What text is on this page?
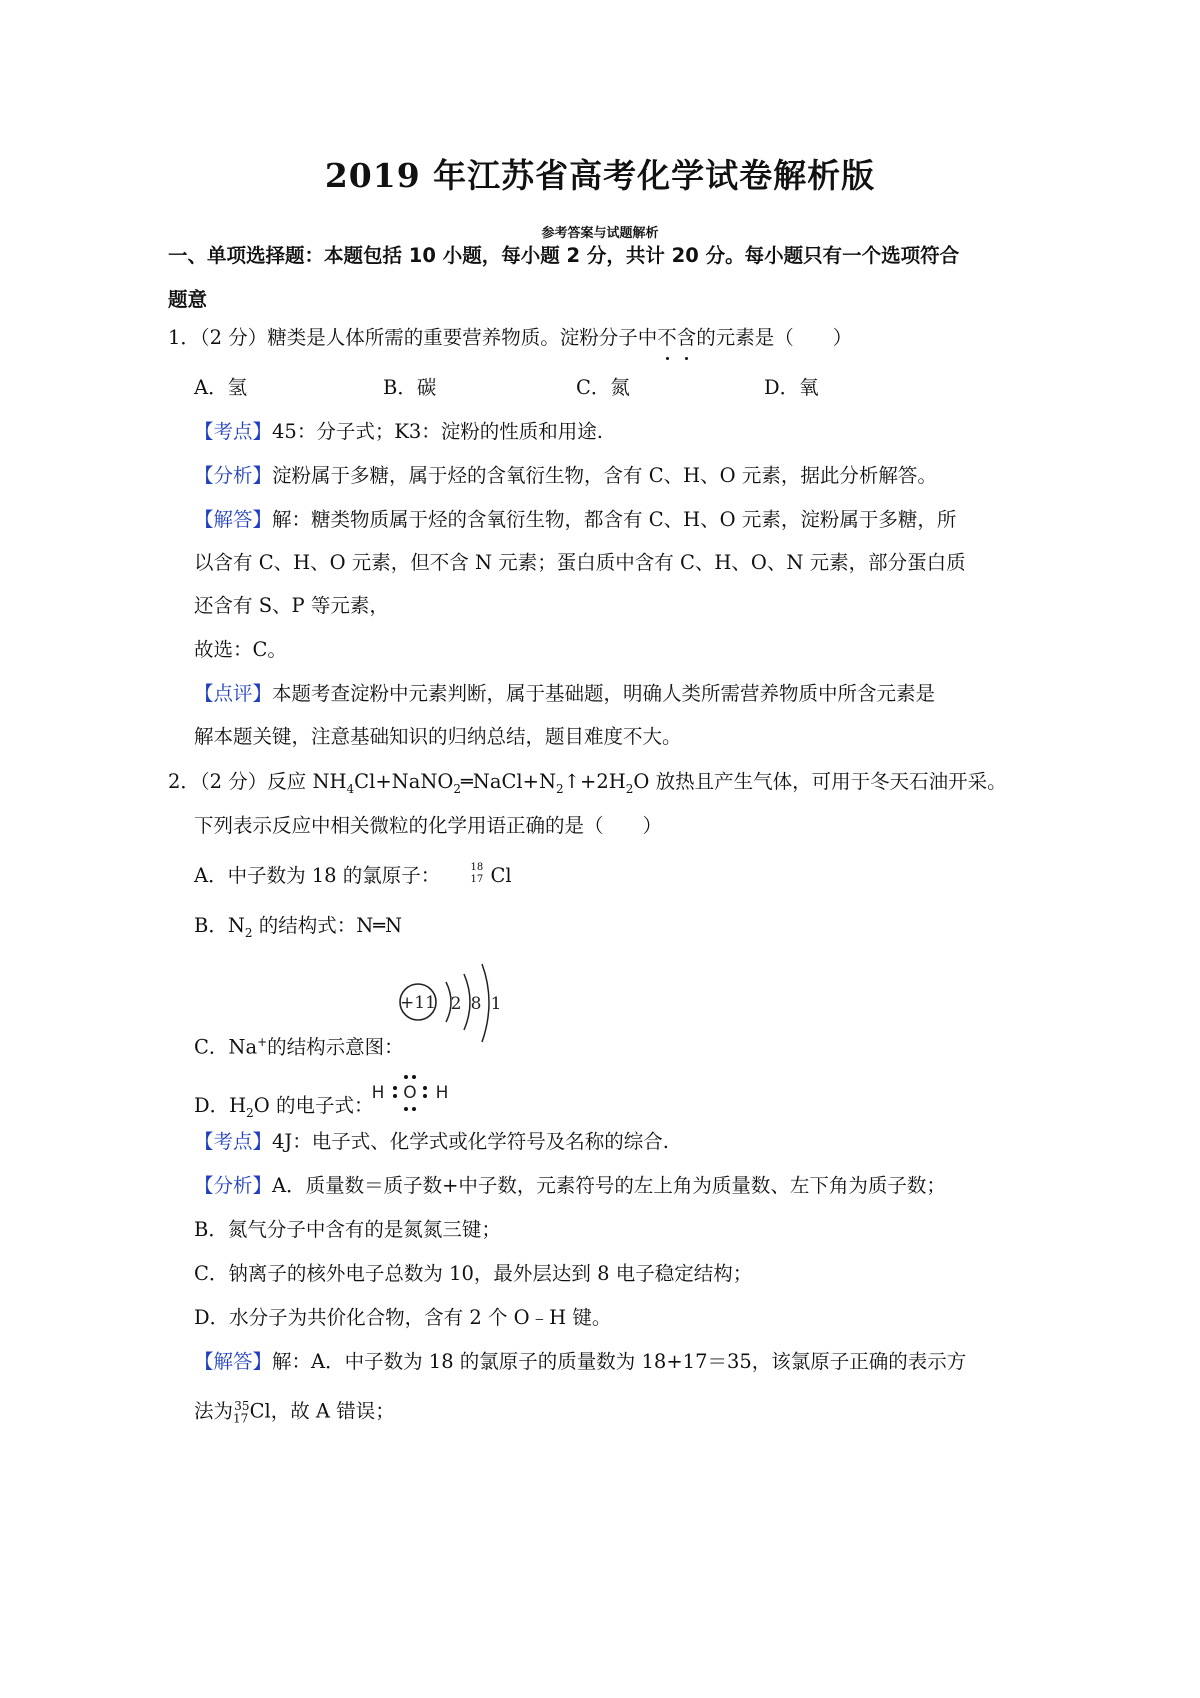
2019 年江苏省高考化学试卷解析版
参考答案与试题解析
一、单项选择题：本题包括 10 小题，每小题 2 分，共计 20 分。每小题只有一个选项符合
题意
1．（2 分）糖类是人体所需的重要营养物质。淀粉分子中不含的元素是（　　）
A．氢	B．碳	C．氮	D．氧
【考点】45：分子式；K3：淀粉的性质和用途.
【分析】淀粉属于多糖，属于烃的含氧衍生物，含有 C、H、O 元素，据此分析解答。
【解答】解：糖类物质属于烃的含氧衍生物，都含有 C、H、O 元素，淀粉属于多糖，所
以含有 C、H、O 元素，但不含 N 元素；蛋白质中含有 C、H、O、N 元素，部分蛋白质
还含有 S、P 等元素，
故选：C。
【点评】本题考查淀粉中元素判断，属于基础题，明确人类所需营养物质中所含元素是
解本题关键，注意基础知识的归纳总结，题目难度不大。
2．（2 分）反应 $NH_4Cl+NaNO_2═NaCl+N_2↑+2H_2O$ 放热且产生气体，可用于冬天石油开采。
下列表示反应中相关微粒的化学用语正确的是（　　）
A．中子数为 18 的氯原子：	18
17 Cl
B．$N_2$ 的结构式：N═N
+11 2 8 1
C．Na+的结构示意图：
H O H
D．$H_2O$ 的电子式：
【考点】4J：电子式、化学式或化学符号及名称的综合.
【分析】A．质量数＝质子数+中子数，元素符号的左上角为质量数、左下角为质子数；
B．氮气分子中含有的是氮氮三键；
C．钠离子的核外电子总数为 10，最外层达到 8 电子稳定结构；
D．水分子为共价化合物，含有 2 个 O﹣H 键。
【解答】解：A．中子数为 18 的氯原子的质量数为 18+17＝35，该氯原子正确的表示方
法为$_{17}^{35}$Cl，故 A 错误；
